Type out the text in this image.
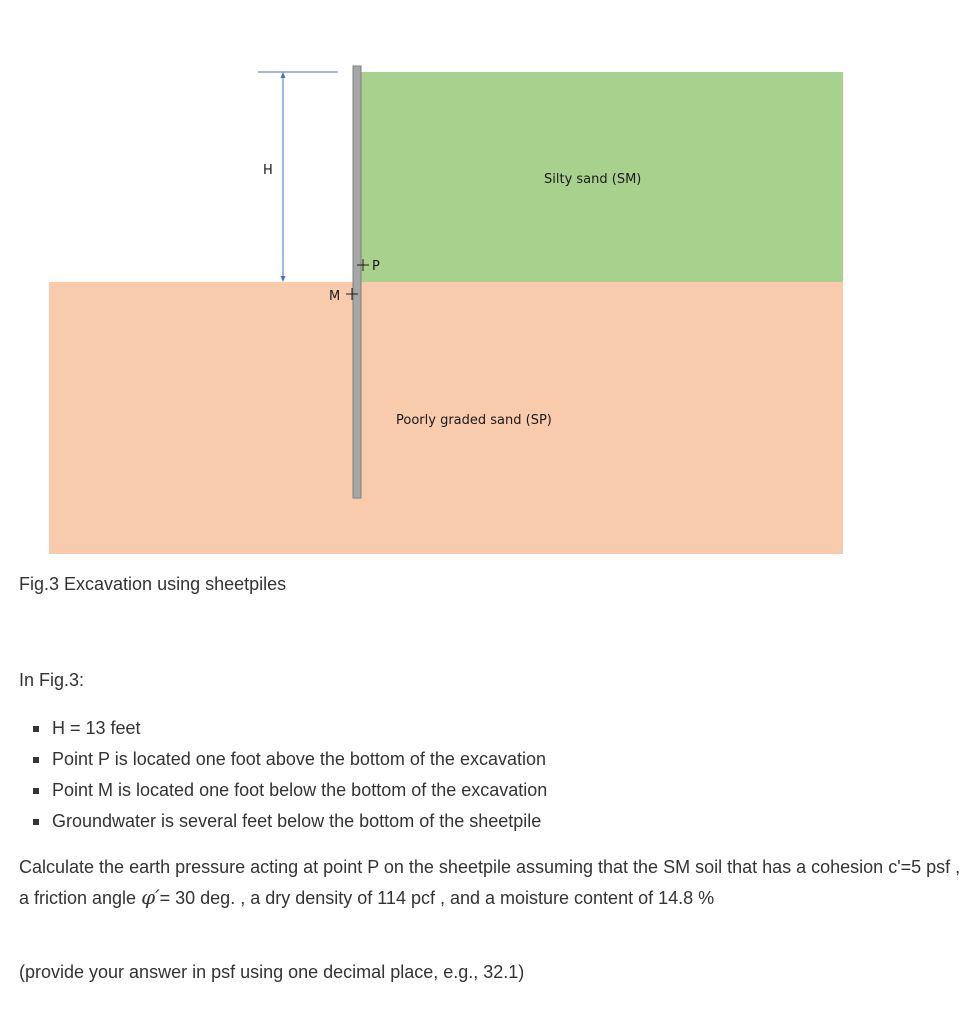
H
P
M
Silty sand (SM)
Poorly graded sand (SP)
Fig.3 Excavation using sheetpiles
In Fig.3:
H = 13 feet
Point P is located one foot above the bottom of the excavation
Point M is located one foot below the bottom of the excavation
Groundwater is several feet below the bottom of the sheetpile
Calculate the earth pressure acting at point P on the sheetpile assuming that the SM soil that has a cohesion c'=5 psf , a friction angle φ′= 30 deg. , a dry density of 114 pcf , and a moisture content of 14.8 %
(provide your answer in psf using one decimal place, e.g., 32.1)
